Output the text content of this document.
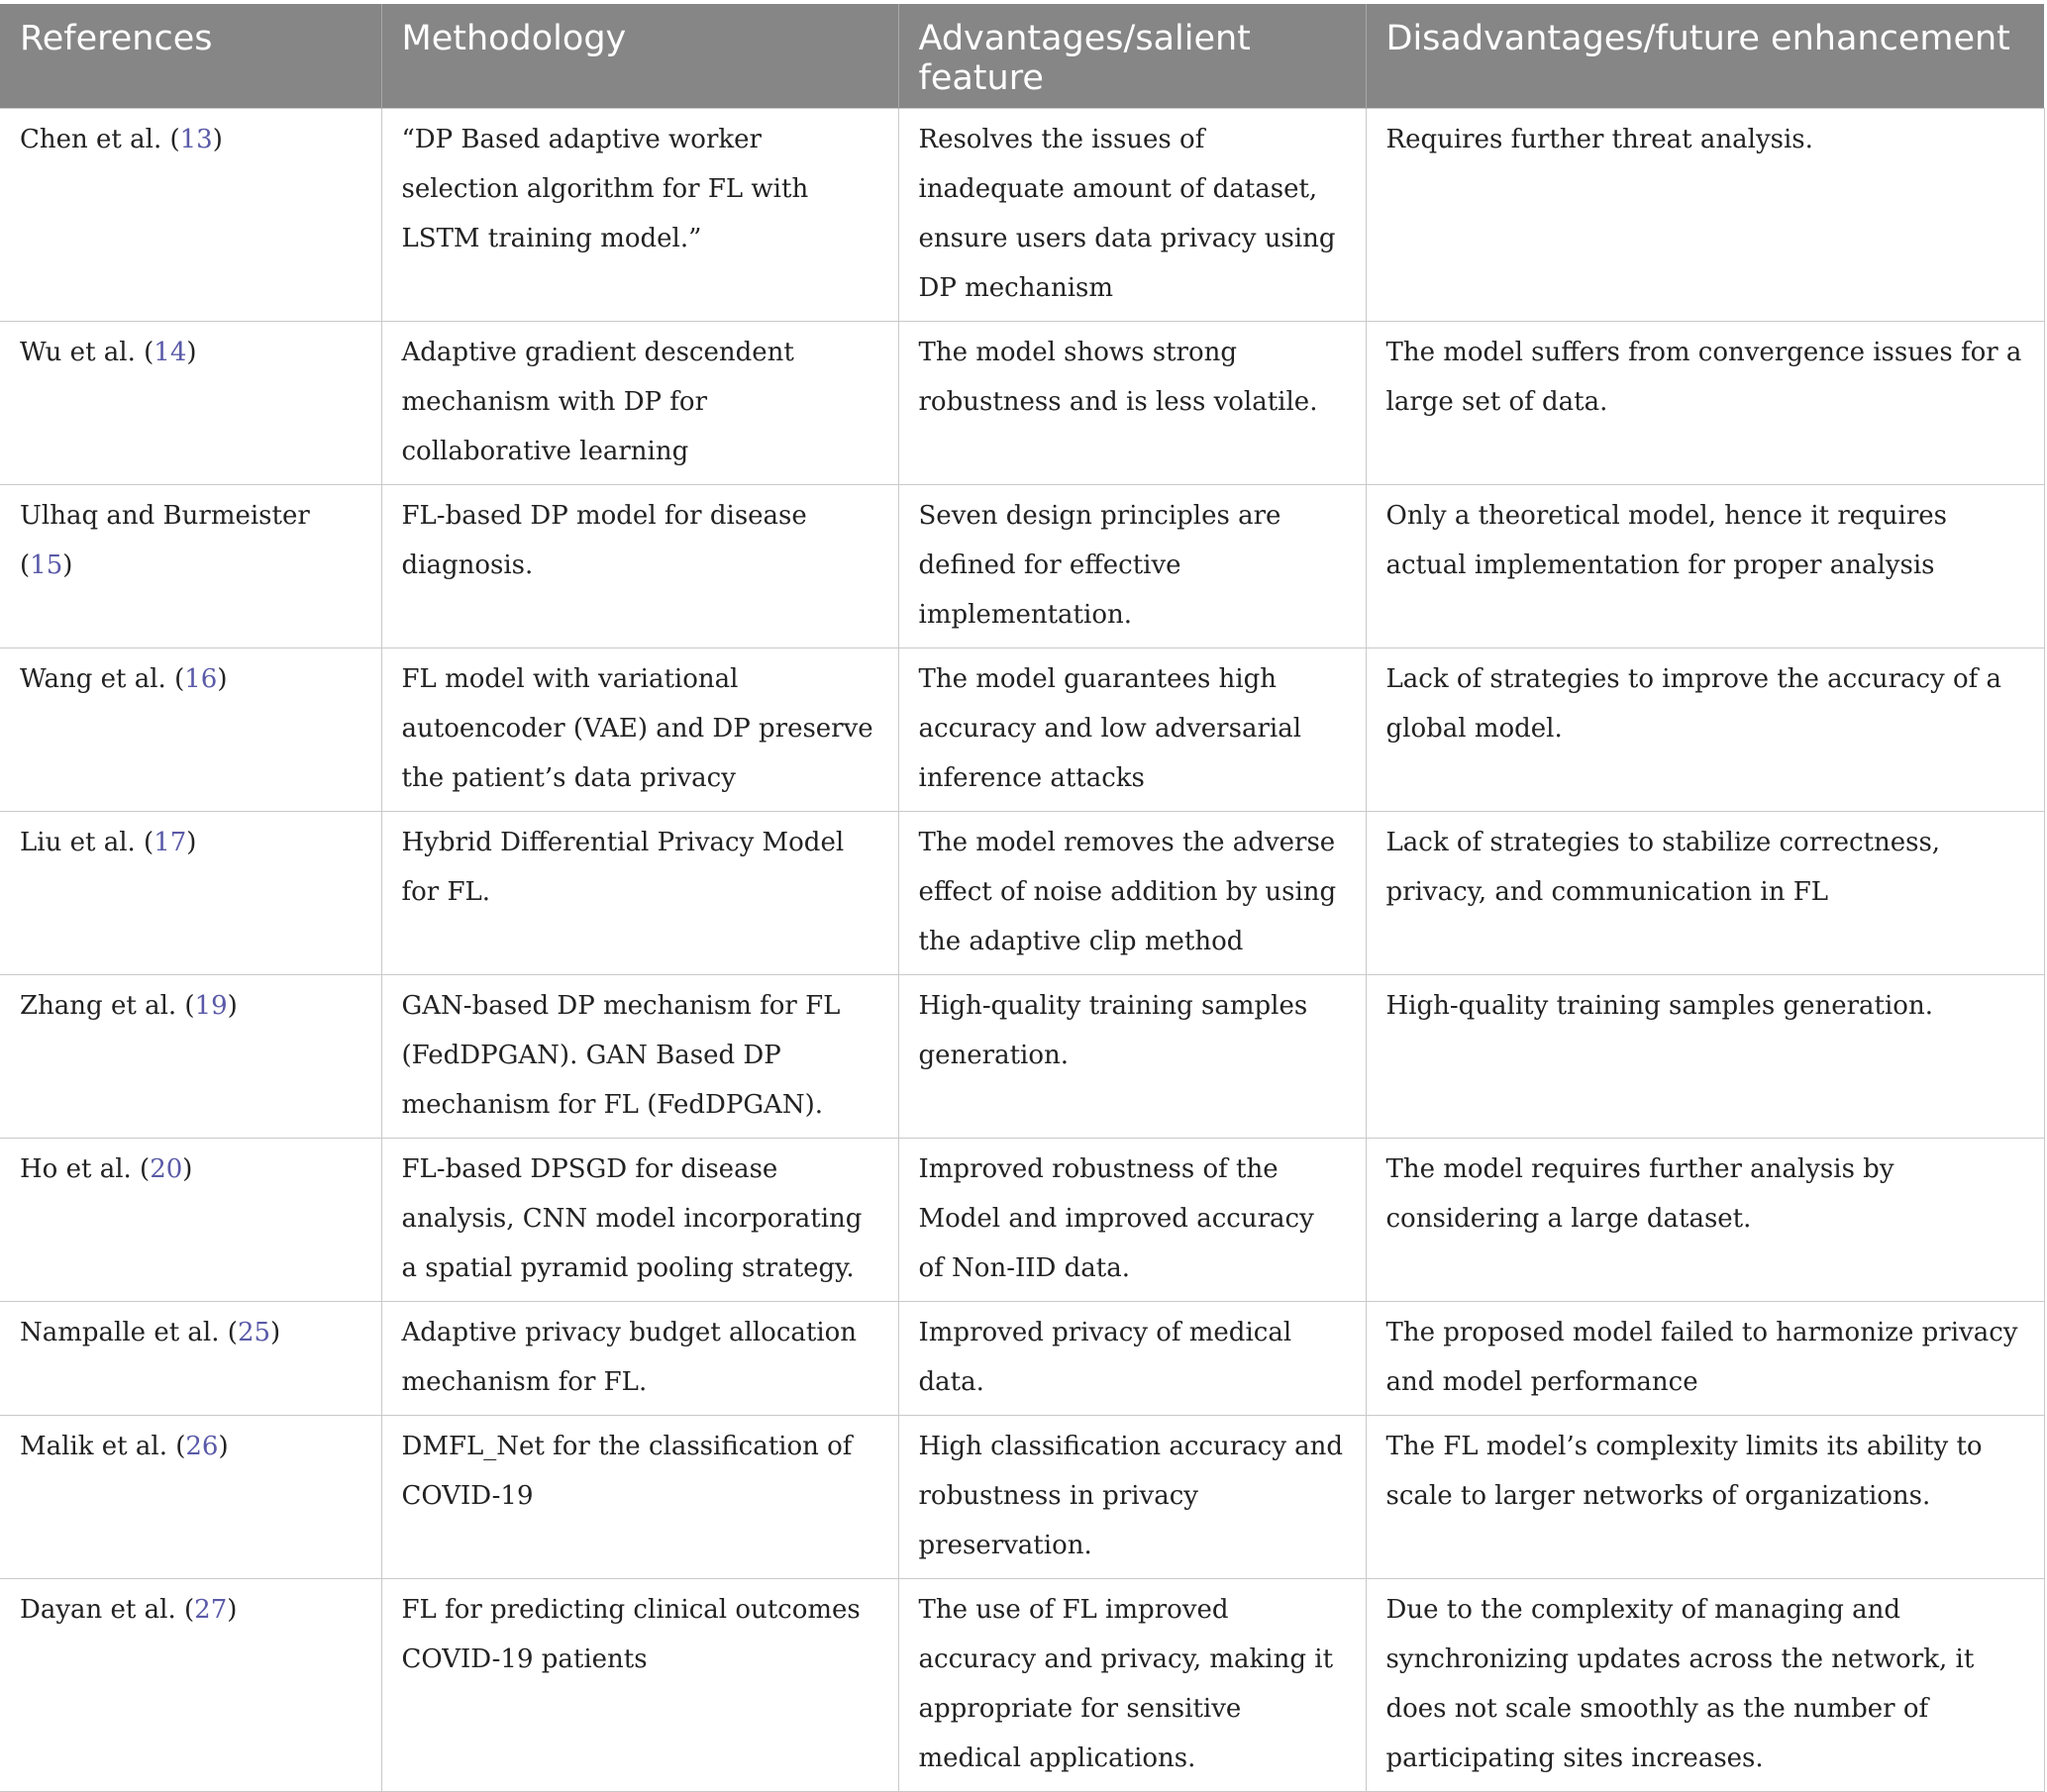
References	Methodology	Advantages/salient feature	Disadvantages/future enhancement
Chen et al. (13)	“DP Based adaptive worker selection algorithm for FL with LSTM training model.”	Resolves the issues of inadequate amount of dataset, ensure users data privacy using DP mechanism	Requires further threat analysis.
Wu et al. (14)	Adaptive gradient descendent mechanism with DP for collaborative learning	The model shows strong robustness and is less volatile.	The model suffers from convergence issues for a large set of data.
Ulhaq and Burmeister (15)	FL-based DP model for disease diagnosis.	Seven design principles are defined for effective implementation.	Only a theoretical model, hence it requires actual implementation for proper analysis
Wang et al. (16)	FL model with variational autoencoder (VAE) and DP preserve the patient’s data privacy	The model guarantees high accuracy and low adversarial inference attacks	Lack of strategies to improve the accuracy of a global model.
Liu et al. (17)	Hybrid Differential Privacy Model for FL.	The model removes the adverse effect of noise addition by using the adaptive clip method	Lack of strategies to stabilize correctness, privacy, and communication in FL
Zhang et al. (19)	GAN-based DP mechanism for FL (FedDPGAN). GAN Based DP mechanism for FL (FedDPGAN).	High-quality training samples generation.	High-quality training samples generation.
Ho et al. (20)	FL-based DPSGD for disease analysis, CNN model incorporating a spatial pyramid pooling strategy.	Improved robustness of the Model and improved accuracy of Non-IID data.	The model requires further analysis by considering a large dataset.
Nampalle et al. (25)	Adaptive privacy budget allocation mechanism for FL.	Improved privacy of medical data.	The proposed model failed to harmonize privacy and model performance
Malik et al. (26)	DMFL_Net for the classification of COVID-19	High classification accuracy and robustness in privacy preservation.	The FL model’s complexity limits its ability to scale to larger networks of organizations.
Dayan et al. (27)	FL for predicting clinical outcomes COVID-19 patients	The use of FL improved accuracy and privacy, making it appropriate for sensitive medical applications.	Due to the complexity of managing and synchronizing updates across the network, it does not scale smoothly as the number of participating sites increases.
